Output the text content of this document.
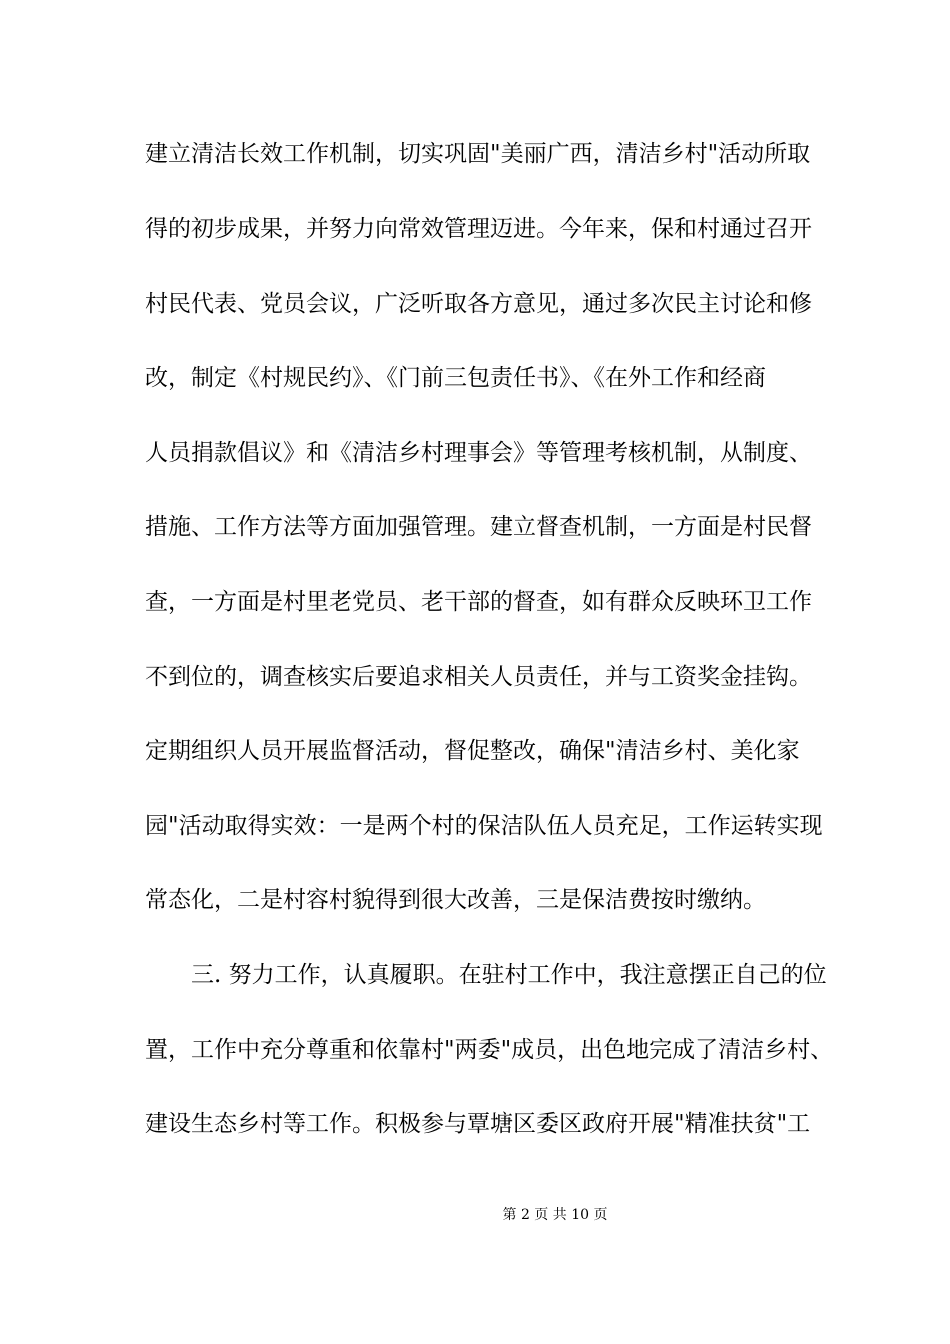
建立清洁长效工作机制，切实巩固"美丽广西，清洁乡村"活动所取
得的初步成果，并努力向常效管理迈进。今年来，保和村通过召开
村民代表、党员会议，广泛听取各方意见，通过多次民主讨论和修
改，制定《村规民约》、《门前三包责任书》、《在外工作和经商
人员捐款倡议》和《清洁乡村理事会》等管理考核机制，从制度、
措施、工作方法等方面加强管理。建立督查机制，一方面是村民督
查，一方面是村里老党员、老干部的督查，如有群众反映环卫工作
不到位的，调查核实后要追求相关人员责任，并与工资奖金挂钩。
定期组织人员开展监督活动，督促整改，确保"清洁乡村、美化家
园"活动取得实效：一是两个村的保洁队伍人员充足，工作运转实现
常态化，二是村容村貌得到很大改善，三是保洁费按时缴纳。
三. 努力工作，认真履职。在驻村工作中，我注意摆正自己的位
置，工作中充分尊重和依靠村"两委"成员，出色地完成了清洁乡村、
建设生态乡村等工作。积极参与覃塘区委区政府开展"精准扶贫"工
第 2 页 共 10 页
